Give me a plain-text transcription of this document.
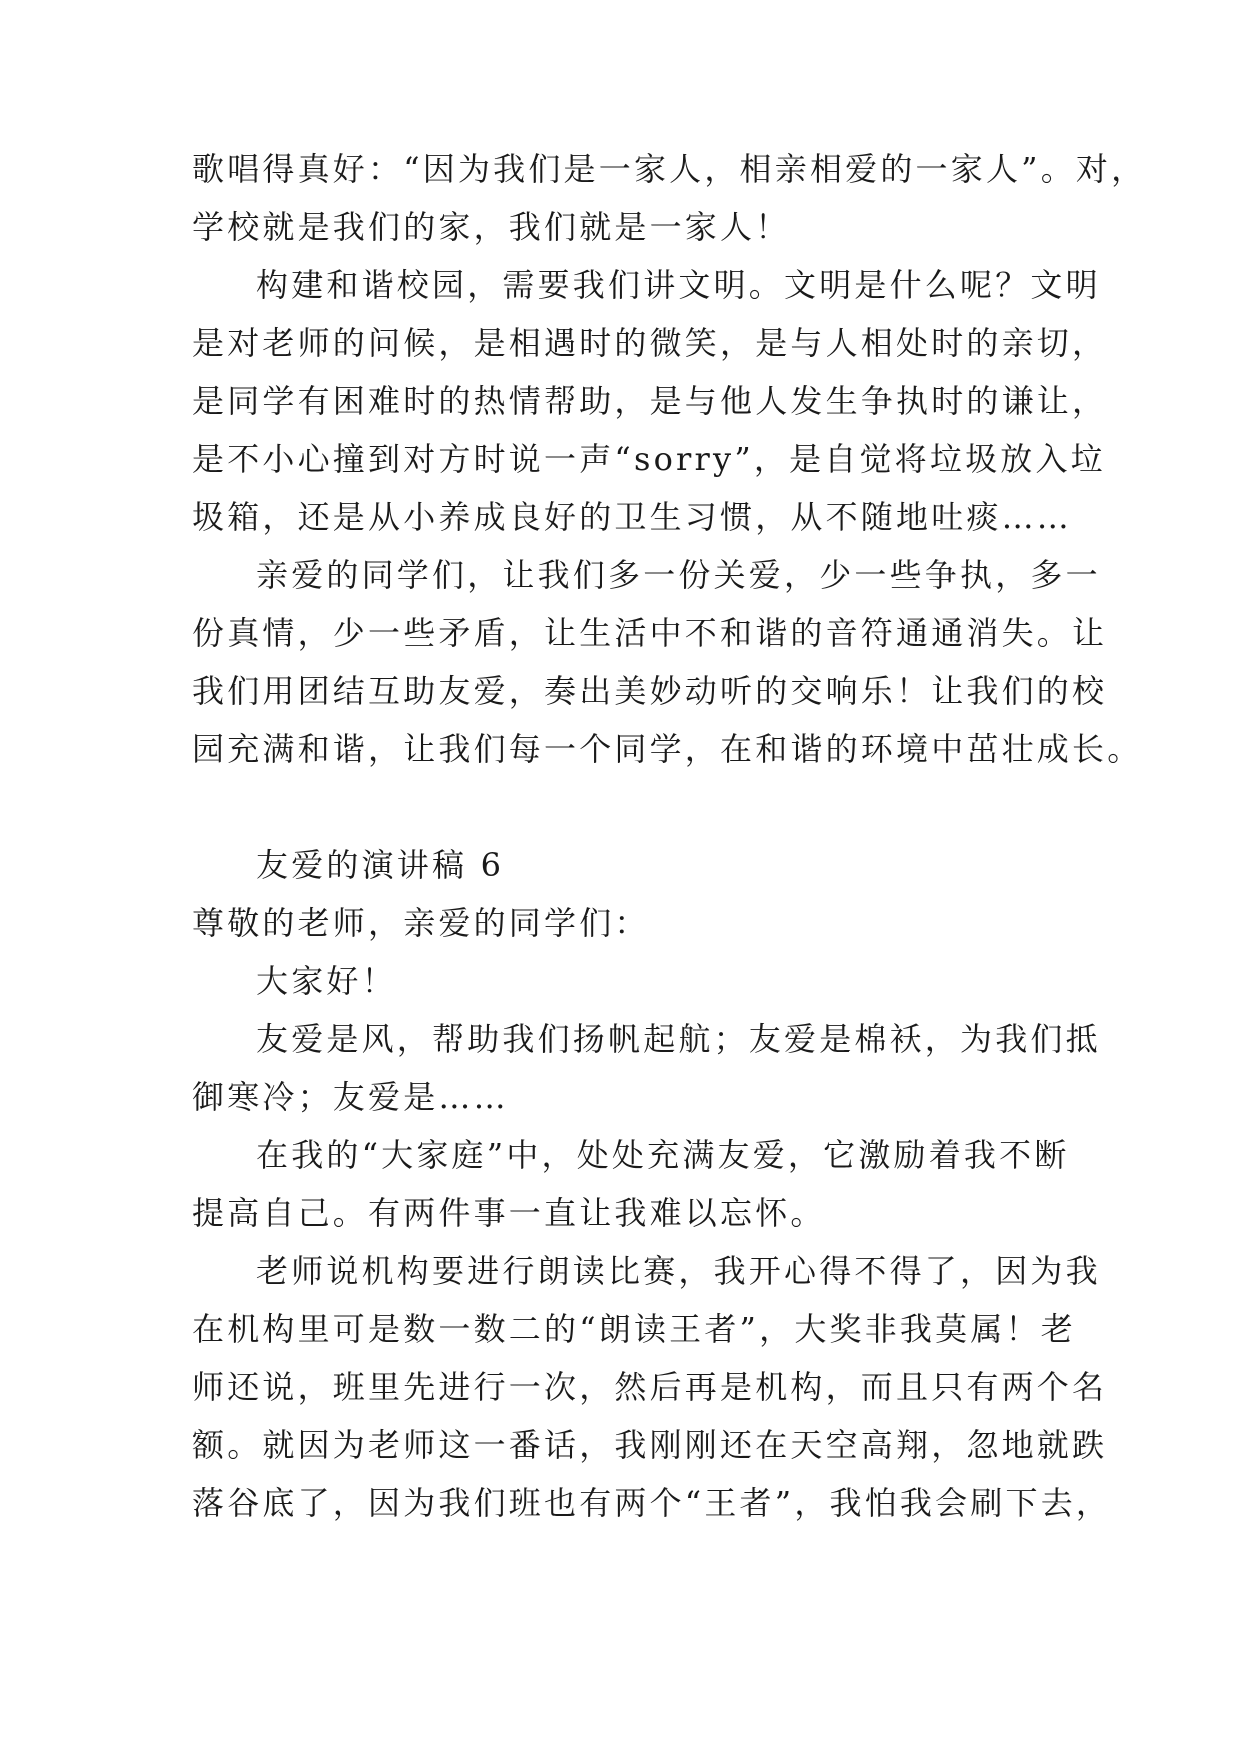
歌唱得真好：“因为我们是一家人，相亲相爱的一家人”。对，
学校就是我们的家，我们就是一家人！
构建和谐校园，需要我们讲文明。文明是什么呢？文明
是对老师的问候，是相遇时的微笑，是与人相处时的亲切，
是同学有困难时的热情帮助，是与他人发生争执时的谦让，
是不小心撞到对方时说一声“sorry”，是自觉将垃圾放入垃
圾箱，还是从小养成良好的卫生习惯，从不随地吐痰……
亲爱的同学们，让我们多一份关爱，少一些争执，多一
份真情，少一些矛盾，让生活中不和谐的音符通通消失。让
我们用团结互助友爱，奏出美妙动听的交响乐！让我们的校
园充满和谐，让我们每一个同学，在和谐的环境中茁壮成长。
友爱的演讲稿 6
尊敬的老师，亲爱的同学们：
大家好！
友爱是风，帮助我们扬帆起航；友爱是棉袄，为我们抵
御寒冷；友爱是……
在我的“大家庭”中，处处充满友爱，它激励着我不断
提高自己。有两件事一直让我难以忘怀。
老师说机构要进行朗读比赛，我开心得不得了，因为我
在机构里可是数一数二的“朗读王者”，大奖非我莫属！老
师还说，班里先进行一次，然后再是机构，而且只有两个名
额。就因为老师这一番话，我刚刚还在天空高翔，忽地就跌
落谷底了，因为我们班也有两个“王者”，我怕我会刷下去，
